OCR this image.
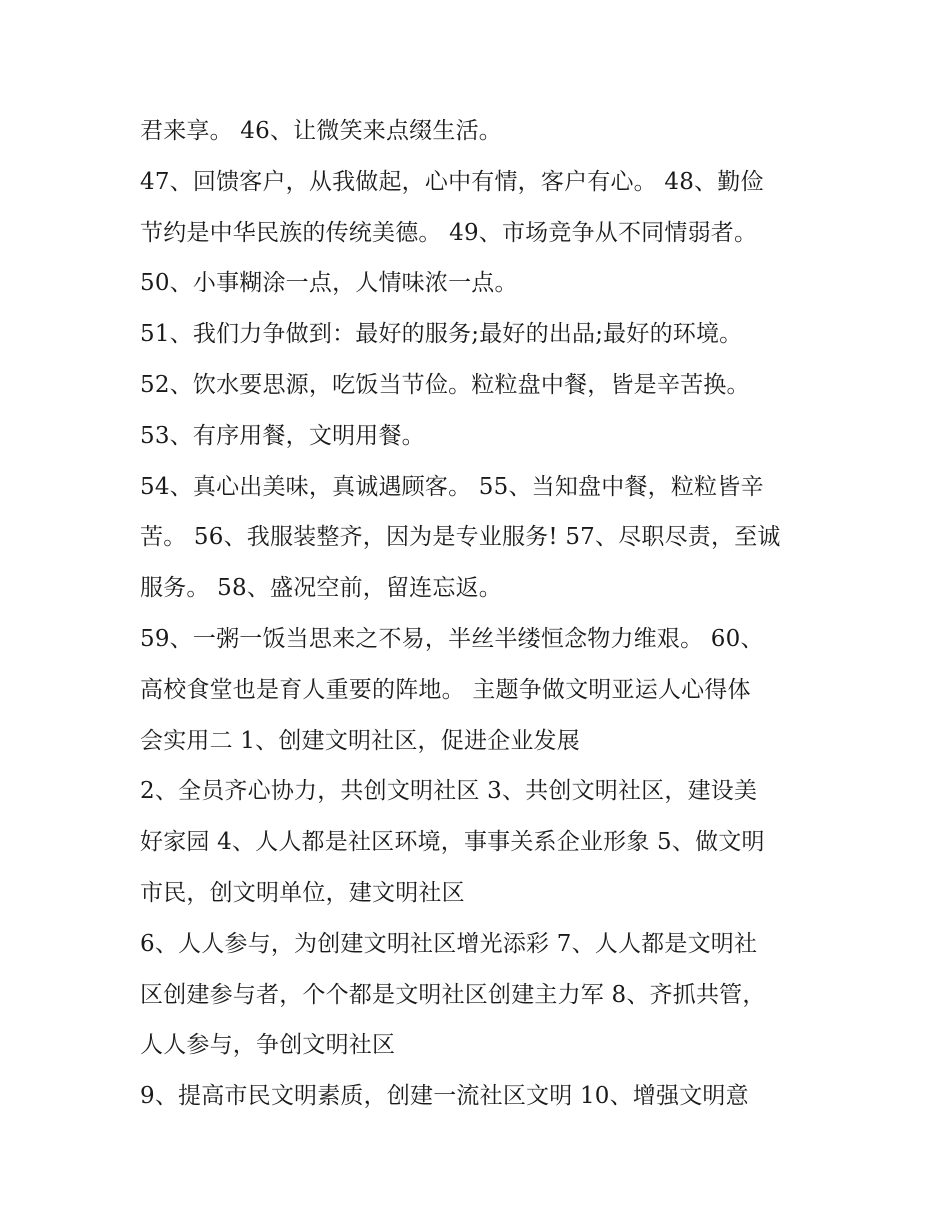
君来享。 46、让微笑来点缀生活。
47、回馈客户，从我做起，心中有情，客户有心。 48、勤俭
节约是中华民族的传统美德。 49、市场竞争从不同情弱者。
50、小事糊涂一点，人情味浓一点。
51、我们力争做到：最好的服务;最好的出品;最好的环境。
52、饮水要思源，吃饭当节俭。粒粒盘中餐，皆是辛苦换。
53、有序用餐，文明用餐。
54、真心出美味，真诚遇顾客。 55、当知盘中餐，粒粒皆辛
苦。 56、我服装整齐，因为是专业服务! 57、尽职尽责，至诚
服务。 58、盛况空前，留连忘返。
59、一粥一饭当思来之不易，半丝半缕恒念物力维艰。 60、
高校食堂也是育人重要的阵地。 主题争做文明亚运人心得体
会实用二 1、创建文明社区，促进企业发展
2、全员齐心协力，共创文明社区 3、共创文明社区，建设美
好家园 4、人人都是社区环境，事事关系企业形象 5、做文明
市民，创文明单位，建文明社区
6、人人参与，为创建文明社区增光添彩 7、人人都是文明社
区创建参与者，个个都是文明社区创建主力军 8、齐抓共管，
人人参与，争创文明社区
9、提高市民文明素质，创建一流社区文明 10、增强文明意
